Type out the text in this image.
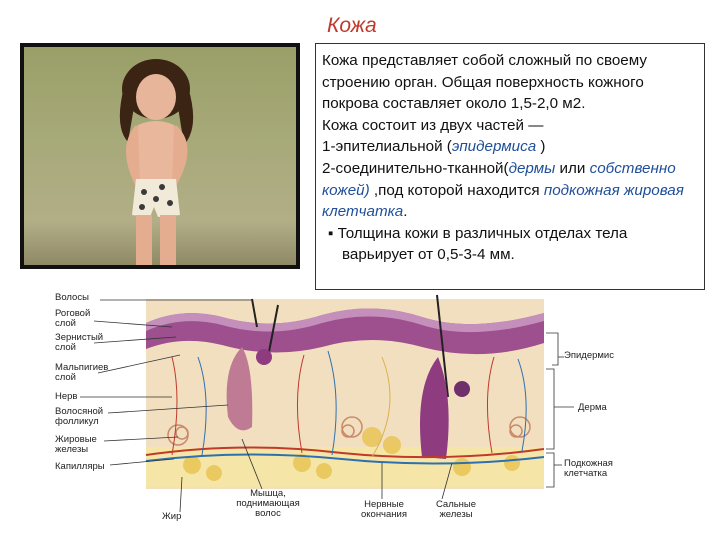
Кожа

Кожа представляет собой сложный по своему строению орган. Общая поверхность кожного покрова составляет около 1,5-2,0 м2.

Кожа состоит из двух частей —

1-эпителиальной (эпидермиса )

2-соединительно-тканной(дермы или собственно кожей) ,под которой находится подкожная жировая клетчатка.

▪ Толщина кожи в различных отделах тела варьирует от 0,5-3-4 мм.

Волосы
Роговой слой
Зернистый слой
Мальпигиев слой
Нерв
Волосяной фолликул
Жировые железы
Капилляры
Эпидермис
Дерма
Подкожная клетчатка
Жир
Мышца, поднимающая волос
Нервные окончания
Сальные железы
